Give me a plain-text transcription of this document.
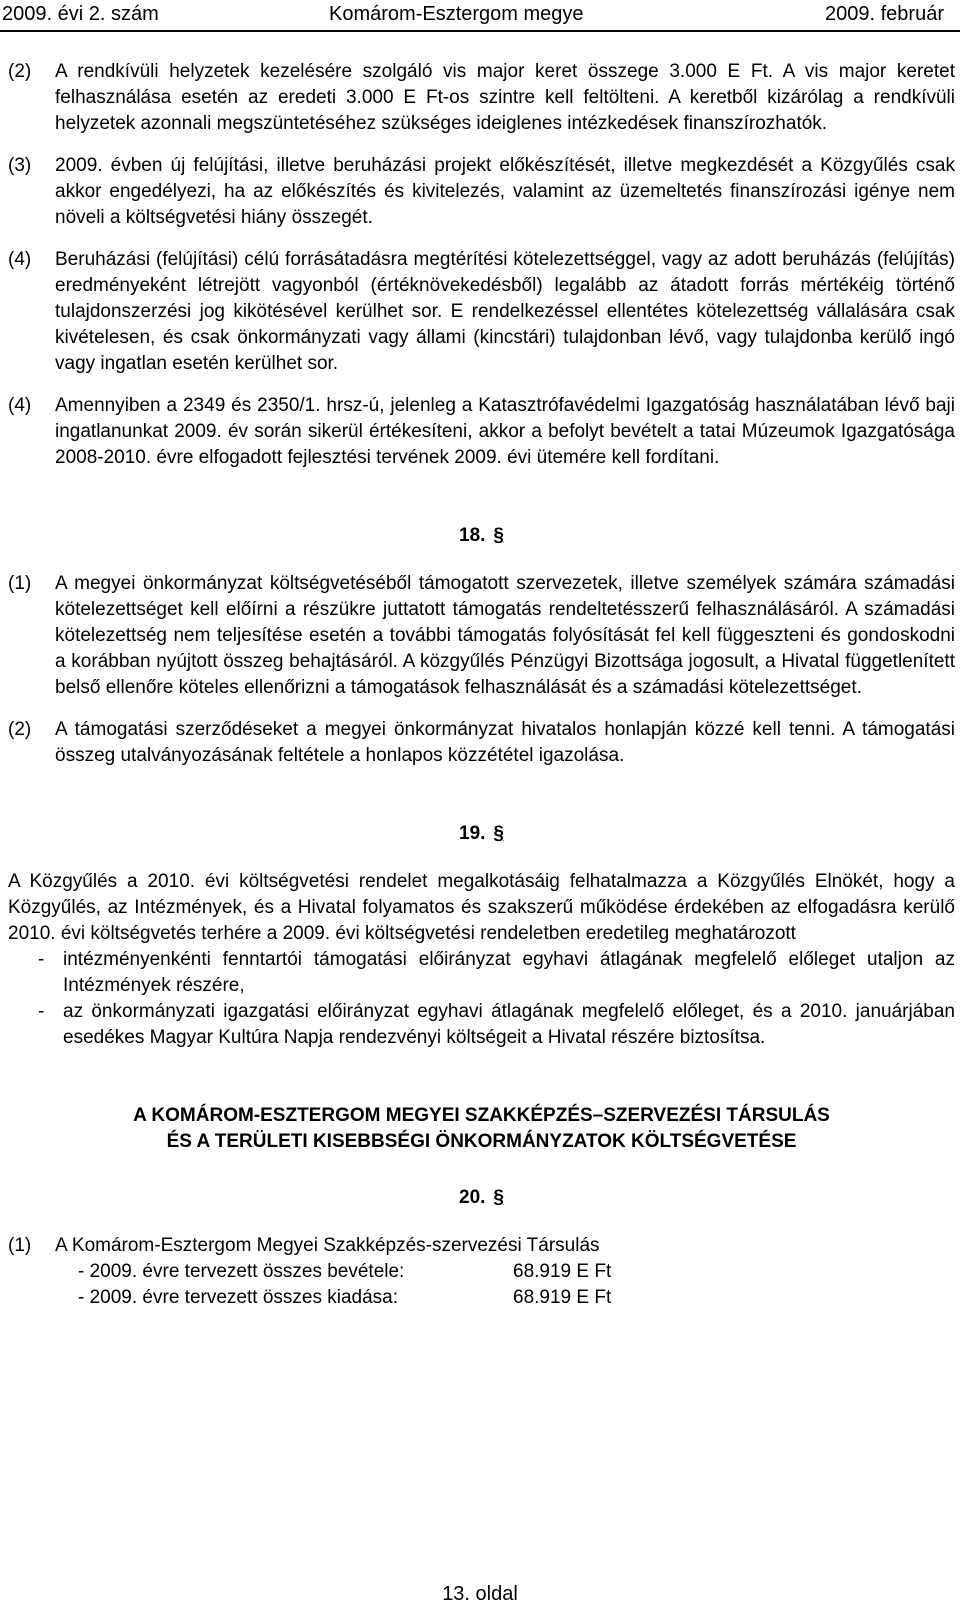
2009. évi 2. szám	Komárom-Esztergom megye	2009. február
(2)	A rendkívüli helyzetek kezelésére szolgáló vis major keret összege 3.000 E Ft. A vis major keretet felhasználása esetén az eredeti 3.000 E Ft-os szintre kell feltölteni. A keretből kizárólag a rendkívüli helyzetek azonnali megszüntetéséhez szükséges ideiglenes intézkedések finanszírozhatók.
(3)	2009. évben új felújítási, illetve beruházási projekt előkészítését, illetve megkezdését a Közgyűlés csak akkor engedélyezi, ha az előkészítés és kivitelezés, valamint az üzemeltetés finanszírozási igénye nem növeli a költségvetési hiány összegét.
(4)	Beruházási (felújítási) célú forrásátadásra megtérítési kötelezettséggel, vagy az adott beruházás (felújítás) eredményeként létrejött vagyonból (értéknövekedésből) legalább az átadott forrás mértékéig történő tulajdonszerzési jog kikötésével kerülhet sor. E rendelkezéssel ellentétes kötelezettség vállalására csak kivételesen, és csak önkormányzati vagy állami (kincstári) tulajdonban lévő, vagy tulajdonba kerülő ingó vagy ingatlan esetén kerülhet sor.
(4)	Amennyiben a 2349 és 2350/1. hrsz-ú, jelenleg a Katasztrófavédelmi Igazgatóság használatában lévő baji ingatlanunkat 2009. év során sikerül értékesíteni, akkor a befolyt bevételt a tatai Múzeumok Igazgatósága 2008-2010. évre elfogadott fejlesztési tervének 2009. évi ütemére kell fordítani.
18. §
(1)	A megyei önkormányzat költségvetéséből támogatott szervezetek, illetve személyek számára számadási kötelezettséget kell előírni a részükre juttatott támogatás rendeltetésszerű felhasználásáról. A számadási kötelezettség nem teljesítése esetén a további támogatás folyósítását fel kell függeszteni és gondoskodni a korábban nyújtott összeg behajtásáról. A közgyűlés Pénzügyi Bizottsága jogosult, a Hivatal függetlenített belső ellenőre köteles ellenőrizni a támogatások felhasználását és a számadási kötelezettséget.
(2)	A támogatási szerződéseket a megyei önkormányzat hivatalos honlapján közzé kell tenni. A támogatási összeg utalványozásának feltétele a honlapos közzététel igazolása.
19. §

A Közgyűlés a 2010. évi költségvetési rendelet megalkotásáig felhatalmazza a Közgyűlés Elnökét, hogy a Közgyűlés, az Intézmények, és a Hivatal folyamatos és szakszerű működése érdekében az elfogadásra kerülő 2010. évi költségvetés terhére a 2009. évi költségvetési rendeletben eredetileg meghatározott

- intézményenkénti fenntartói támogatási előirányzat egyhavi átlagának megfelelő előleget utaljon az Intézmények részére,
- az önkormányzati igazgatási előirányzat egyhavi átlagának megfelelő előleget, és a 2010. januárjában esedékes Magyar Kultúra Napja rendezvényi költségeit a Hivatal részére biztosítsa.
A KOMÁROM-ESZTERGOM MEGYEI SZAKKÉPZÉS–SZERVEZÉSI TÁRSULÁS
ÉS A TERÜLETI KISEBBSÉGI ÖNKORMÁNYZATOK KÖLTSÉGVETÉSE
20. §
(1)	A Komárom-Esztergom Megyei Szakképzés-szervezési Társulás
- 2009. évre tervezett összes bevétele:	68.919 E Ft
- 2009. évre tervezett összes kiadása:	68.919 E Ft
13. oldal
